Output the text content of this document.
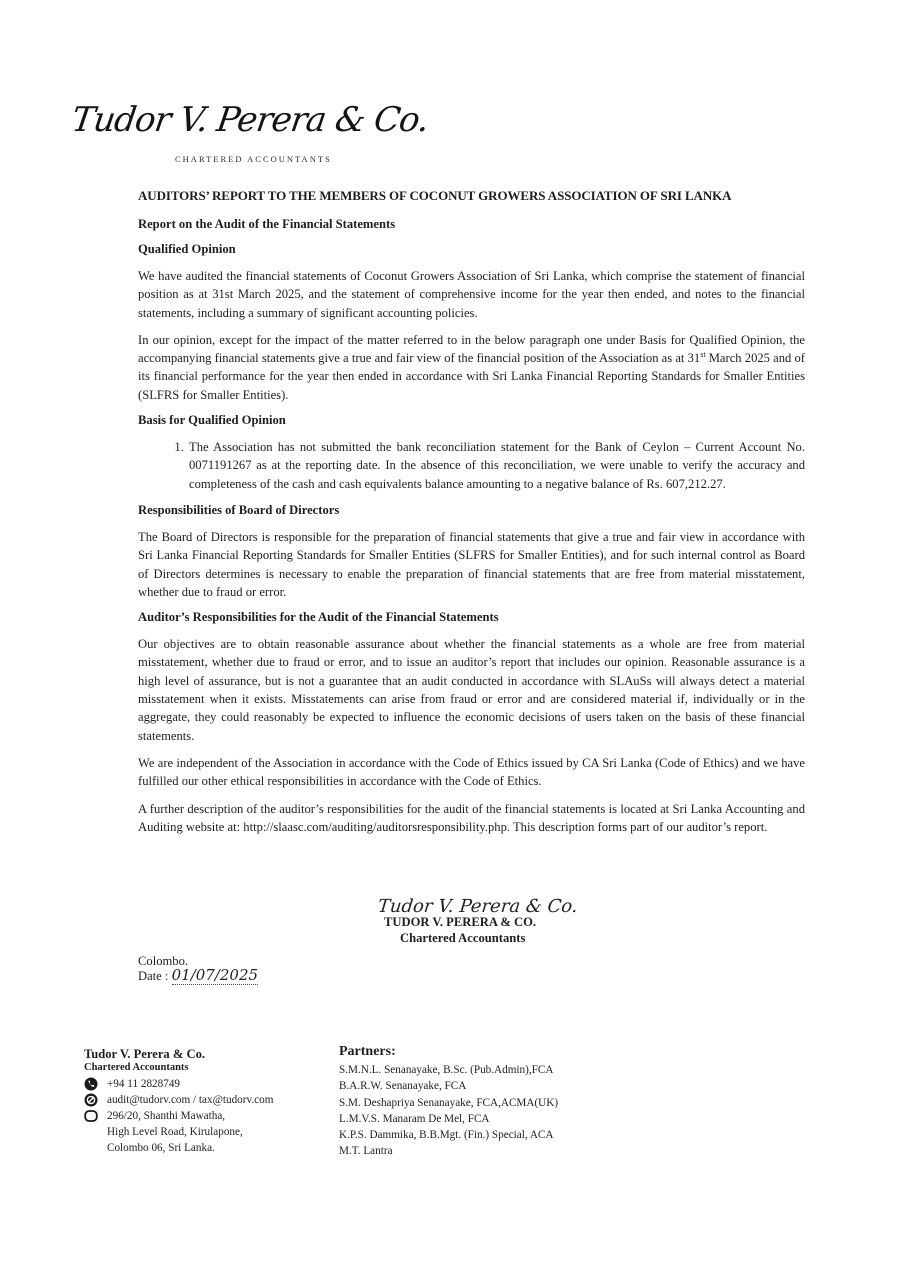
Tudor V. Perera & Co.
CHARTERED ACCOUNTANTS
AUDITORS’ REPORT TO THE MEMBERS OF COCONUT GROWERS ASSOCIATION OF SRI LANKA
Report on the Audit of the Financial Statements
Qualified Opinion

We have audited the financial statements of Coconut Growers Association of Sri Lanka, which comprise the statement of financial position as at 31st March 2025, and the statement of comprehensive income for the year then ended, and notes to the financial statements, including a summary of significant accounting policies.

In our opinion, except for the impact of the matter referred to in the below paragraph one under Basis for Qualified Opinion, the accompanying financial statements give a true and fair view of the financial position of the Association as at 31st March 2025 and of its financial performance for the year then ended in accordance with Sri Lanka Financial Reporting Standards for Smaller Entities (SLFRS for Smaller Entities).

Basis for Qualified Opinion
1. The Association has not submitted the bank reconciliation statement for the Bank of Ceylon – Current Account No. 0071191267 as at the reporting date. In the absence of this reconciliation, we were unable to verify the accuracy and completeness of the cash and cash equivalents balance amounting to a negative balance of Rs. 607,212.27.
Responsibilities of Board of Directors

The Board of Directors is responsible for the preparation of financial statements that give a true and fair view in accordance with Sri Lanka Financial Reporting Standards for Smaller Entities (SLFRS for Smaller Entities), and for such internal control as Board of Directors determines is necessary to enable the preparation of financial statements that are free from material misstatement, whether due to fraud or error.

Auditor’s Responsibilities for the Audit of the Financial Statements

Our objectives are to obtain reasonable assurance about whether the financial statements as a whole are free from material misstatement, whether due to fraud or error, and to issue an auditor’s report that includes our opinion. Reasonable assurance is a high level of assurance, but is not a guarantee that an audit conducted in accordance with SLAuSs will always detect a material misstatement when it exists. Misstatements can arise from fraud or error and are considered material if, individually or in the aggregate, they could reasonably be expected to influence the economic decisions of users taken on the basis of these financial statements.

We are independent of the Association in accordance with the Code of Ethics issued by CA Sri Lanka (Code of Ethics) and we have fulfilled our other ethical responsibilities in accordance with the Code of Ethics.

A further description of the auditor’s responsibilities for the audit of the financial statements is located at Sri Lanka Accounting and Auditing website at: http://slaasc.com/auditing/auditorsresponsibility.php. This description forms part of our auditor’s report.

Tudor V. Perera & Co.
TUDOR V. PERERA & CO.
Chartered Accountants
Colombo.
Date : 01/07/2025
Tudor V. Perera & Co.
Chartered Accountants
+94 11 2828749
audit@tudorv.com / tax@tudorv.com
296/20, Shanthi Mawatha,
High Level Road, Kirulapone,
Colombo 06, Sri Lanka.
Partners:
S.M.N.L. Senanayake, B.Sc. (Pub.Admin),FCA
B.A.R.W. Senanayake, FCA
S.M. Deshapriya Senanayake, FCA,ACMA(UK)
L.M.V.S. Manaram De Mel, FCA
K.P.S. Dammika, B.B.Mgt. (Fin.) Special, ACA
M.T. Lantra
